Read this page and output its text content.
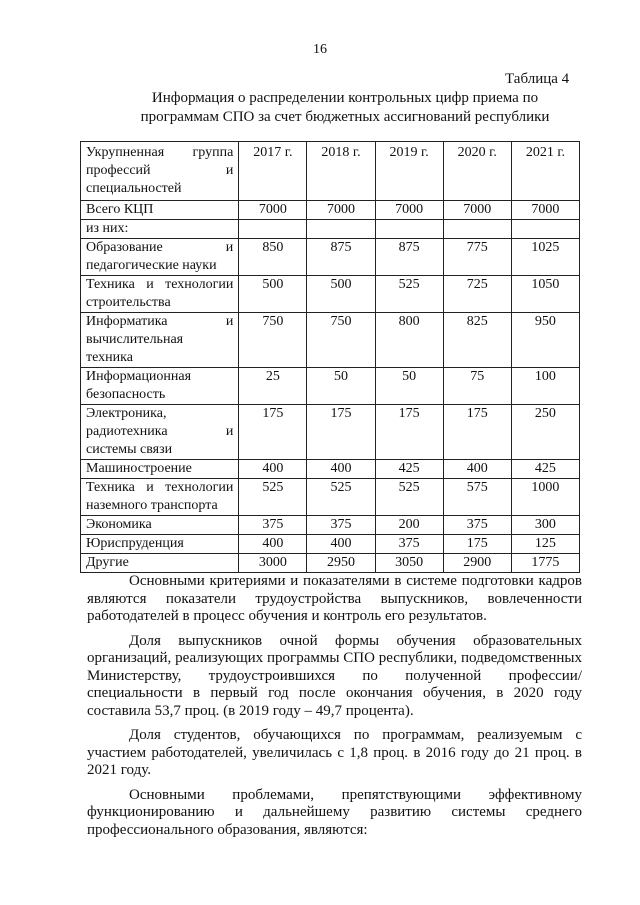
16
Таблица 4
Информация о распределении контрольных цифр приема по
программам СПО за счет бюджетных ассигнований республики
Укрупненная группа
профессий и
специальностей	2017 г.	2018 г.	2019 г.	2020 г.	2021 г.
Всего КЦП	7000	7000	7000	7000	7000
из них:					

Образование и
педагогические науки	850	875	875	775	1025

Техника и технологии
строительства	500	500	525	725	1050

Информатика и
вычислительная
техника	750	750	800	825	950

Информационная
безопасность	25	50	50	75	100

Электроника,
радиотехника и
системы связи	175	175	175	175	250

Машиностроение	400	400	425	400	425

Техника и технологии
наземного транспорта	525	525	525	575	1000

Экономика	375	375	200	375	300

Юриспруденция	400	400	375	175	125

Другие	3000	2950	3050	2900	1775

Основными критериями и показателями в системе подготовки кадров являются показатели трудоустройства выпускников, вовлеченности работодателей в процесс обучения и контроль его результатов.

Доля выпускников очной формы обучения образовательных организаций, реализующих программы СПО республики, подведомственных Министерству, трудоустроившихся по полученной профессии/специальности в первый год после окончания обучения, в 2020 году составила 53,7 проц. (в 2019 году – 49,7 процента).

Доля студентов, обучающихся по программам, реализуемым с участием работодателей, увеличилась с 1,8 проц. в 2016 году до 21 проц. в 2021 году.

Основными проблемами, препятствующими эффективному функционированию и дальнейшему развитию системы среднего профессионального образования, являются:
